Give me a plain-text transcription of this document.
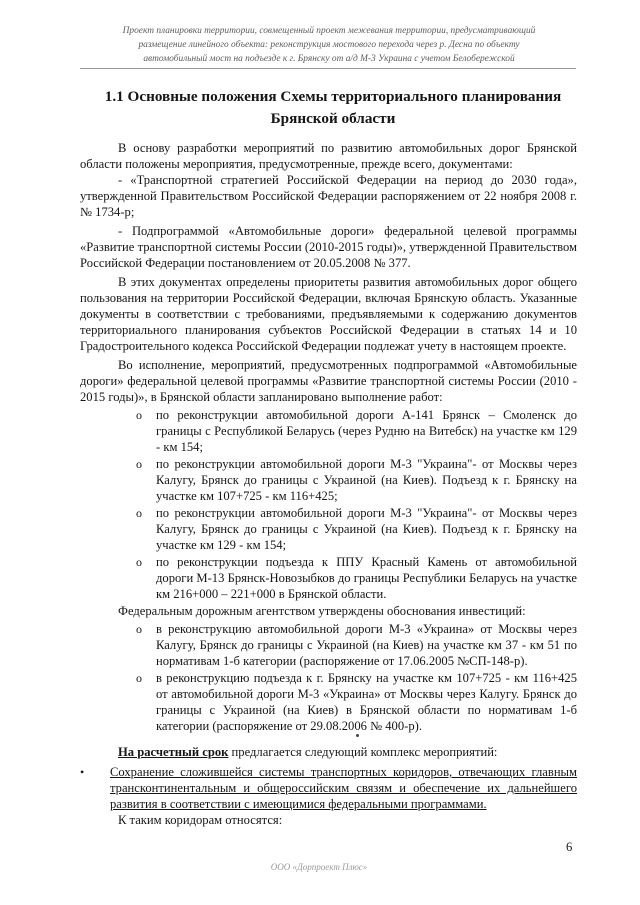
Проект планировки территории, совмещенный проект межевания территории, предусматривающий
размещение линейного объекта: реконструкция мостового перехода через р. Десна по объекту
автомобильный мост на подъезде к г. Брянску от а/д М-3 Украина с учетом Белобережской
1.1 Основные положения Схемы территориального планирования Брянской области

В основу разработки мероприятий по развитию автомобильных дорог Брянской области положены мероприятия, предусмотренные, прежде всего, документами:

- «Транспортной стратегией Российской Федерации на период до 2030 года», утвержденной Правительством Российской Федерации распоряжением от 22 ноября 2008 г. № 1734-р;

- Подпрограммой «Автомобильные дороги» федеральной целевой программы «Развитие транспортной системы России (2010-2015 годы)», утвержденной Правительством Российской Федерации постановлением от 20.05.2008 № 377.

В этих документах определены приоритеты развития автомобильных дорог общего пользования на территории Российской Федерации, включая Брянскую область. Указанные документы в соответствии с требованиями, предъявляемыми к содержанию документов территориального планирования субъектов Российской Федерации в статьях 14 и 10 Градостроительного кодекса Российской Федерации подлежат учету в настоящем проекте.

Во исполнение, мероприятий, предусмотренных подпрограммой «Автомобильные дороги» федеральной целевой программы «Развитие транспортной системы России (2010 - 2015 годы)», в Брянской области запланировано выполнение работ:

o по реконструкции автомобильной дороги А-141 Брянск – Смоленск до границы с Республикой Беларусь (через Рудню на Витебск) на участке км 129 - км 154;
o по реконструкции автомобильной дороги М-3 "Украина"- от Москвы через Калугу, Брянск до границы с Украиной (на Киев). Подъезд к г. Брянску на участке км 107+725 - км 116+425;
o по реконструкции автомобильной дороги М-3 "Украина"- от Москвы через Калугу, Брянск до границы с Украиной (на Киев). Подъезд к г. Брянску на участке км 129 - км 154;
o по реконструкции подъезда к ППУ Красный Камень от автомобильной дороги М-13 Брянск-Новозыбков до границы Республики Беларусь на участке км 216+000 – 221+000 в Брянской области.

Федеральным дорожным агентством утверждены обоснования инвестиций:

o в реконструкцию автомобильной дороги М-3 «Украина» от Москвы через Калугу, Брянск до границы с Украиной (на Киев) на участке км 37 - км 51 по нормативам 1-б категории (распоряжение от 17.06.2005 №СП-148-р).
o в реконструкцию подъезда к г. Брянску на участке км 107+725 - км 116+425 от автомобильной дороги М-3 «Украина» от Москвы через Калугу. Брянск до границы с Украиной (на Киев) в Брянской области по нормативам 1-б категории (распоряжение от 29.08.2006 № 400-р).
На расчетный срок предлагается следующий комплекс мероприятий:
• Сохранение сложившейся системы транспортных коридоров, отвечающих главным трансконтинентальным и общероссийским связям и обеспечение их дальнейшего развития в соответствии с имеющимися федеральными программами.
К таким коридорам относятся:
6
ООО «Дорпроект Плюс»
